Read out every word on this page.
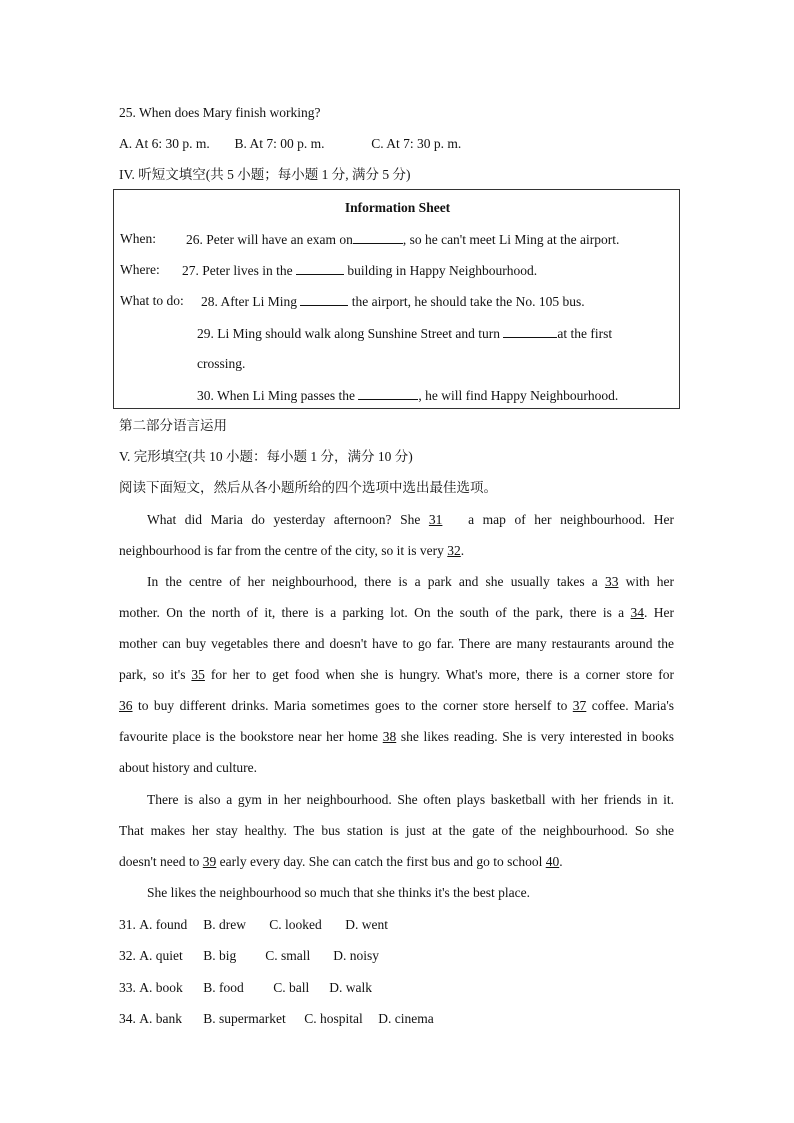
25. When does Mary finish working?
A. At 6: 30 p. m. B. At 7: 00 p. m.	C. At 7: 30 p. m.
IV. 听短文填空(共 5 小题；每小题 1 分, 满分 5 分)
Information Sheet
When: 26. Peter will have an exam on	, so he can't meet Li Ming at the airport.
Where: 27. Peter lives in the	building in Happy Neighbourhood.
What to do: 28. After Li Ming	the airport, he should take the No. 105 bus.
29. Li Ming should walk along Sunshine Street and turn	at the first
crossing.
30. When Li Ming passes the	, he will find Happy Neighbourhood.
第二部分语言运用
V. 完形填空(共 10 小题：每小题 1 分，满分 10 分)
阅读下面短文，然后从各小题所给的四个选项中选出最佳选项。
What did Maria do yesterday afternoon? She 31 a map of her neighbourhood. Her
neighbourhood is far from the centre of the city, so it is very 32.
In the centre of her neighbourhood, there is a park and she usually takes a 33 with her
mother. On the north of it, there is a parking lot. On the south of the park, there is a 34. Her
mother can buy vegetables there and doesn't have to go far. There are many restaurants around the
park, so it's 35 for her to get food when she is hungry. What's more, there is a corner store for
36 to buy different drinks. Maria sometimes goes to the corner store herself to 37 coffee. Maria's
favourite place is the bookstore near her home 38 she likes reading. She is very interested in books
about history and culture.
There is also a gym in her neighbourhood. She often plays basketball with her friends in it.
That makes her stay healthy. The bus station is just at the gate of the neighbourhood. So she
doesn't need to 39 early every day. She can catch the first bus and go to school 40.
She likes the neighbourhood so much that she thinks it's the best place.
31. A. found B. drew C. looked D. went
32. A. quiet B. big C. small D. noisy
33. A. book B. food C. ball D. walk
34. A. bank B. supermarket C. hospital D. cinema
